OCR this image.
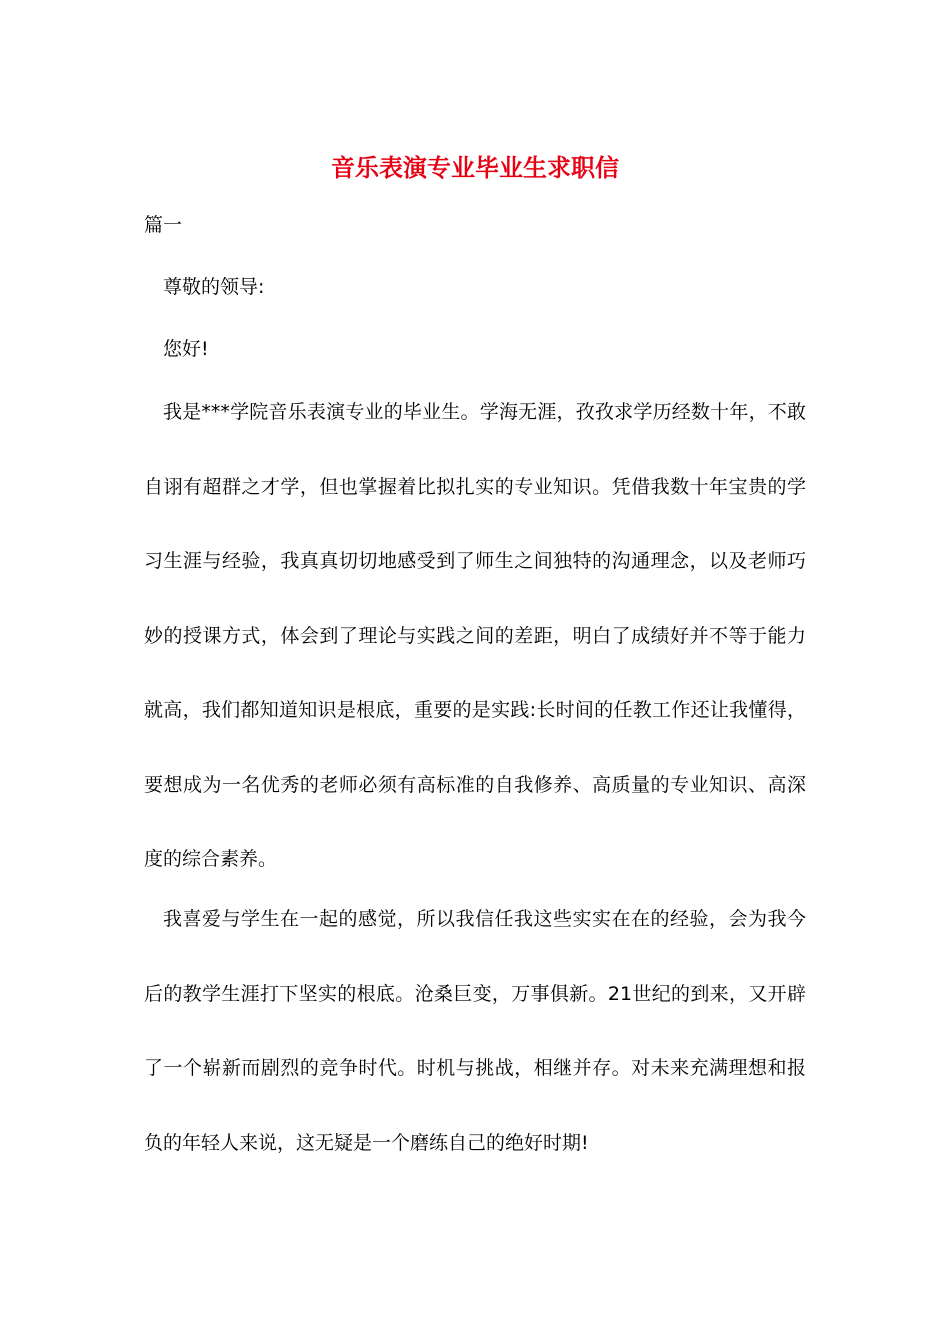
音乐表演专业毕业生求职信

篇一

尊敬的领导:

您好!

我是***学院音乐表演专业的毕业生。学海无涯，孜孜求学历经数十年，不敢自诩有超群之才学，但也掌握着比拟扎实的专业知识。凭借我数十年宝贵的学习生涯与经验，我真真切切地感受到了师生之间独特的沟通理念，以及老师巧妙的授课方式，体会到了理论与实践之间的差距，明白了成绩好并不等于能力就高，我们都知道知识是根底，重要的是实践:长时间的任教工作还让我懂得，要想成为一名优秀的老师必须有高标准的自我修养、高质量的专业知识、高深度的综合素养。

我喜爱与学生在一起的感觉，所以我信任我这些实实在在的经验，会为我今后的教学生涯打下坚实的根底。沧桑巨变，万事俱新。21世纪的到来，又开辟了一个崭新而剧烈的竞争时代。时机与挑战，相继并存。对未来充满理想和报负的年轻人来说，这无疑是一个磨练自己的绝好时期!
